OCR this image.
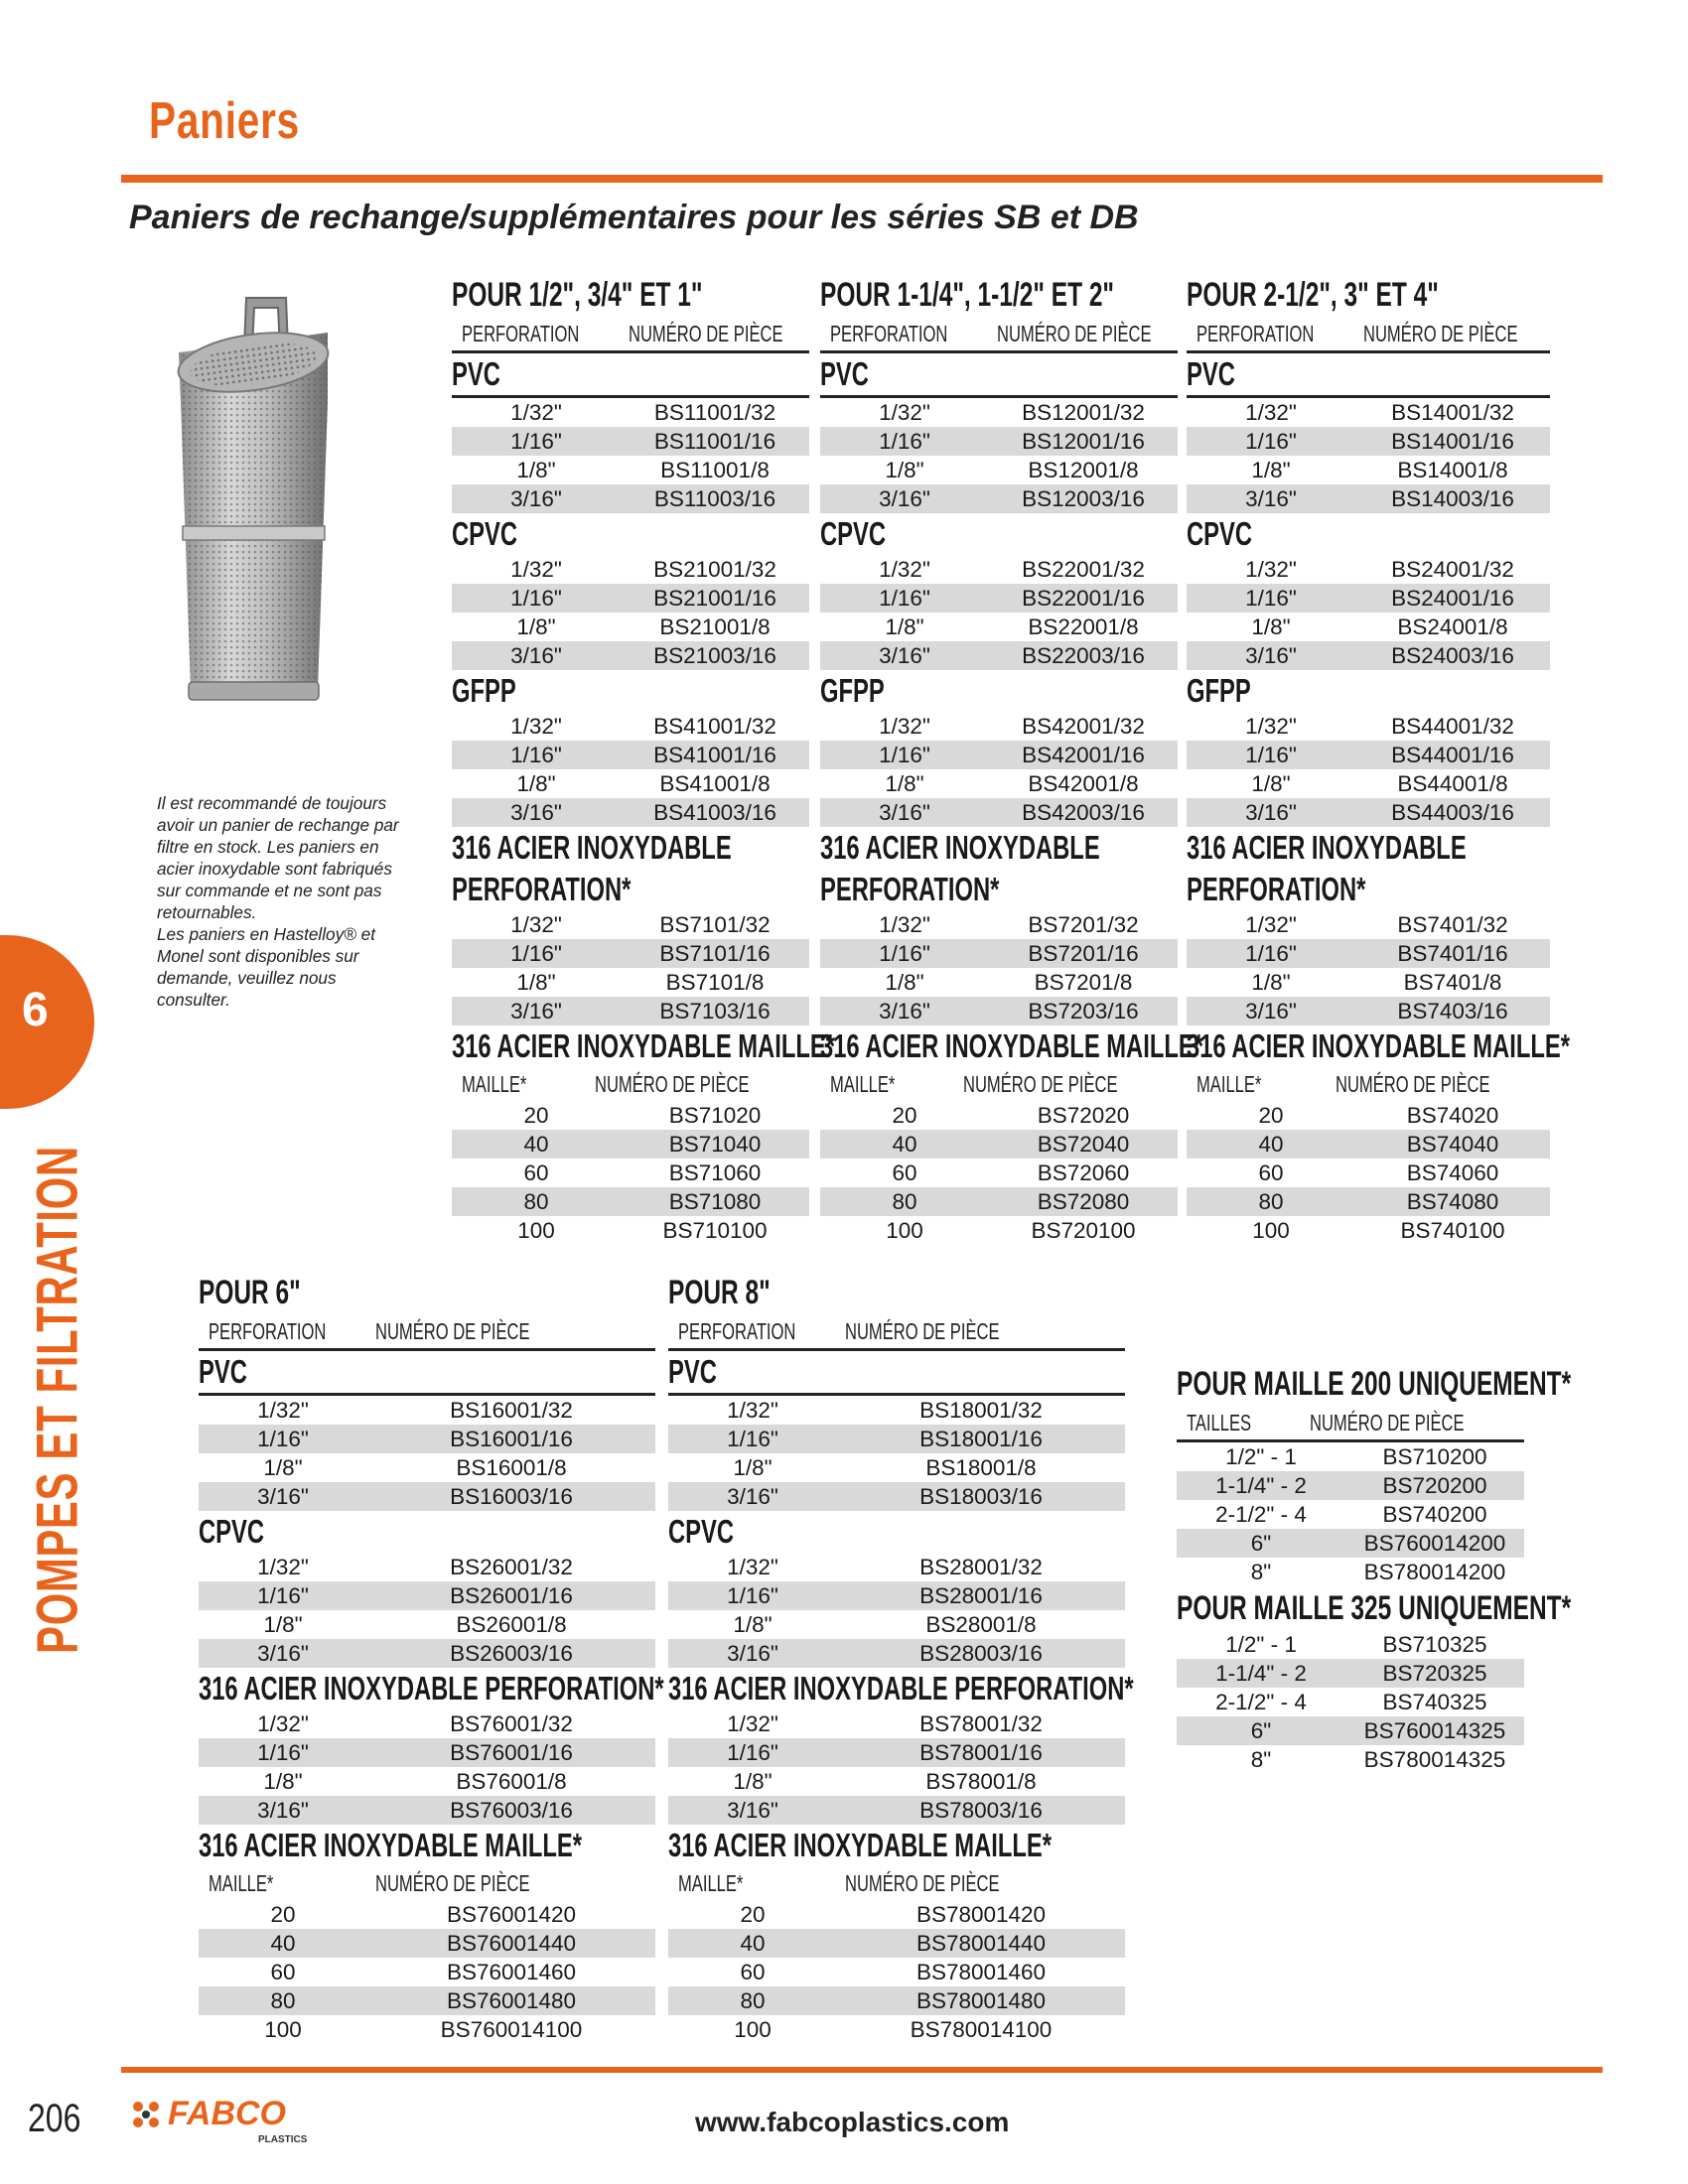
Paniers
Paniers de rechange/supplémentaires pour les séries SB et DB
6
POMPES ET FILTRATION

Il est recommandé de toujours avoir un panier de rechange par filtre en stock. Les paniers en acier inoxydable sont fabriqués sur commande et ne sont pas retournables.

Les paniers en Hastelloy® et Monel sont disponibles sur demande, veuillez nous consulter.

POUR 1/2", 3/4" ET 1"
PERFORATION	NUMÉRO DE PIÈCE
PVC
1/32"	BS11001/32
1/16"	BS11001/16
1/8"	BS11001/8
3/16"	BS11003/16
CPVC
1/32"	BS21001/32
1/16"	BS21001/16
1/8"	BS21001/8
3/16"	BS21003/16
GFPP
1/32"	BS41001/32
1/16"	BS41001/16
1/8"	BS41001/8
3/16"	BS41003/16
316 ACIER INOXYDABLE
PERFORATION*
1/32"	BS7101/32
1/16"	BS7101/16
1/8"	BS7101/8
3/16"	BS7103/16
316 ACIER INOXYDABLE MAILLE*
MAILLE*	NUMÉRO DE PIÈCE
20	BS71020
40	BS71040
60	BS71060
80	BS71080
100	BS710100
POUR 1-1/4", 1-1/2" ET 2"
PERFORATION	NUMÉRO DE PIÈCE
PVC
1/32"	BS12001/32
1/16"	BS12001/16
1/8"	BS12001/8
3/16"	BS12003/16
CPVC
1/32"	BS22001/32
1/16"	BS22001/16
1/8"	BS22001/8
3/16"	BS22003/16
GFPP
1/32"	BS42001/32
1/16"	BS42001/16
1/8"	BS42001/8
3/16"	BS42003/16
316 ACIER INOXYDABLE
PERFORATION*
1/32"	BS7201/32
1/16"	BS7201/16
1/8"	BS7201/8
3/16"	BS7203/16
316 ACIER INOXYDABLE MAILLE*
MAILLE*	NUMÉRO DE PIÈCE
20	BS72020
40	BS72040
60	BS72060
80	BS72080
100	BS720100
POUR 2-1/2", 3" ET 4"
PERFORATION	NUMÉRO DE PIÈCE
PVC
1/32"	BS14001/32
1/16"	BS14001/16
1/8"	BS14001/8
3/16"	BS14003/16
CPVC
1/32"	BS24001/32
1/16"	BS24001/16
1/8"	BS24001/8
3/16"	BS24003/16
GFPP
1/32"	BS44001/32
1/16"	BS44001/16
1/8"	BS44001/8
3/16"	BS44003/16
316 ACIER INOXYDABLE
PERFORATION*
1/32"	BS7401/32
1/16"	BS7401/16
1/8"	BS7401/8
3/16"	BS7403/16
316 ACIER INOXYDABLE MAILLE*
MAILLE*	NUMÉRO DE PIÈCE
20	BS74020
40	BS74040
60	BS74060
80	BS74080
100	BS740100
POUR 6"
PERFORATION	NUMÉRO DE PIÈCE
PVC
1/32"	BS16001/32
1/16"	BS16001/16
1/8"	BS16001/8
3/16"	BS16003/16
CPVC
1/32"	BS26001/32
1/16"	BS26001/16
1/8"	BS26001/8
3/16"	BS26003/16
316 ACIER INOXYDABLE PERFORATION*
1/32"	BS76001/32
1/16"	BS76001/16
1/8"	BS76001/8
3/16"	BS76003/16
316 ACIER INOXYDABLE MAILLE*
MAILLE*	NUMÉRO DE PIÈCE
20	BS76001420
40	BS76001440
60	BS76001460
80	BS76001480
100	BS760014100
POUR 8"
PERFORATION	NUMÉRO DE PIÈCE
PVC
1/32"	BS18001/32
1/16"	BS18001/16
1/8"	BS18001/8
3/16"	BS18003/16
CPVC
1/32"	BS28001/32
1/16"	BS28001/16
1/8"	BS28001/8
3/16"	BS28003/16
316 ACIER INOXYDABLE PERFORATION*
1/32"	BS78001/32
1/16"	BS78001/16
1/8"	BS78001/8
3/16"	BS78003/16
316 ACIER INOXYDABLE MAILLE*
MAILLE*	NUMÉRO DE PIÈCE
20	BS78001420
40	BS78001440
60	BS78001460
80	BS78001480
100	BS780014100
POUR MAILLE 200 UNIQUEMENT*
TAILLES	NUMÉRO DE PIÈCE
1/2" - 1	BS710200
1-1/4" - 2	BS720200
2-1/2" - 4	BS740200
6"	BS760014200
8"	BS780014200
POUR MAILLE 325 UNIQUEMENT*
1/2" - 1	BS710325
1-1/4" - 2	BS720325
2-1/2" - 4	BS740325
6"	BS760014325
8"	BS780014325
206	FABCO
PLASTICS
www.fabcoplastics.com
